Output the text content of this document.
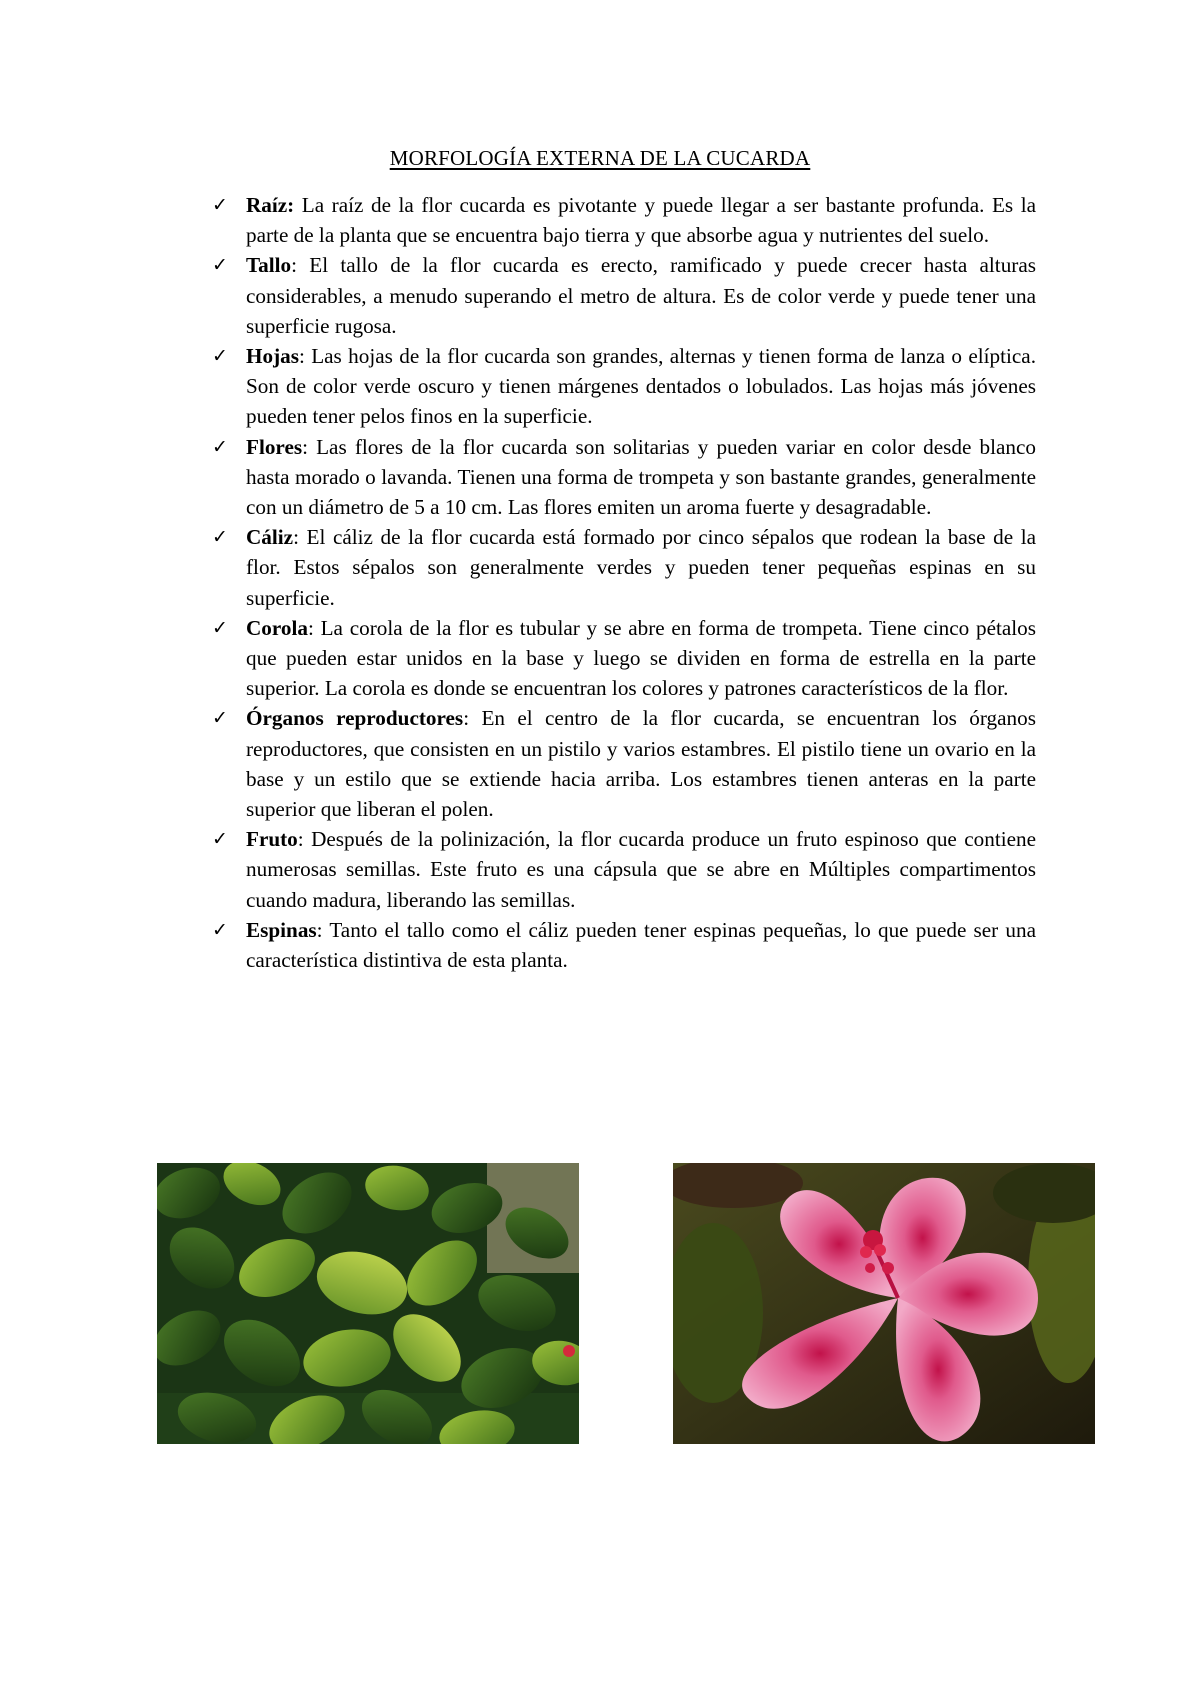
MORFOLOGÍA EXTERNA DE LA CUCARDA
✓ Raíz: La raíz de la flor cucarda es pivotante y puede llegar a ser bastante profunda. Es la parte de la planta que se encuentra bajo tierra y que absorbe agua y nutrientes del suelo.
✓ Tallo: El tallo de la flor cucarda es erecto, ramificado y puede crecer hasta alturas considerables, a menudo superando el metro de altura. Es de color verde y puede tener una superficie rugosa.
✓ Hojas: Las hojas de la flor cucarda son grandes, alternas y tienen forma de lanza o elíptica. Son de color verde oscuro y tienen márgenes dentados o lobulados. Las hojas más jóvenes pueden tener pelos finos en la superficie.
✓ Flores: Las flores de la flor cucarda son solitarias y pueden variar en color desde blanco hasta morado o lavanda. Tienen una forma de trompeta y son bastante grandes, generalmente con un diámetro de 5 a 10 cm. Las flores emiten un aroma fuerte y desagradable.
✓ Cáliz: El cáliz de la flor cucarda está formado por cinco sépalos que rodean la base de la flor. Estos sépalos son generalmente verdes y pueden tener pequeñas espinas en su superficie.
✓ Corola: La corola de la flor es tubular y se abre en forma de trompeta. Tiene cinco pétalos que pueden estar unidos en la base y luego se dividen en forma de estrella en la parte superior. La corola es donde se encuentran los colores y patrones característicos de la flor.
✓ Órganos reproductores: En el centro de la flor cucarda, se encuentran los órganos reproductores, que consisten en un pistilo y varios estambres. El pistilo tiene un ovario en la base y un estilo que se extiende hacia arriba. Los estambres tienen anteras en la parte superior que liberan el polen.
✓ Fruto: Después de la polinización, la flor cucarda produce un fruto espinoso que contiene numerosas semillas. Este fruto es una cápsula que se abre en Múltiples compartimentos cuando madura, liberando las semillas.
✓ Espinas: Tanto el tallo como el cáliz pueden tener espinas pequeñas, lo que puede ser una característica distintiva de esta planta.
